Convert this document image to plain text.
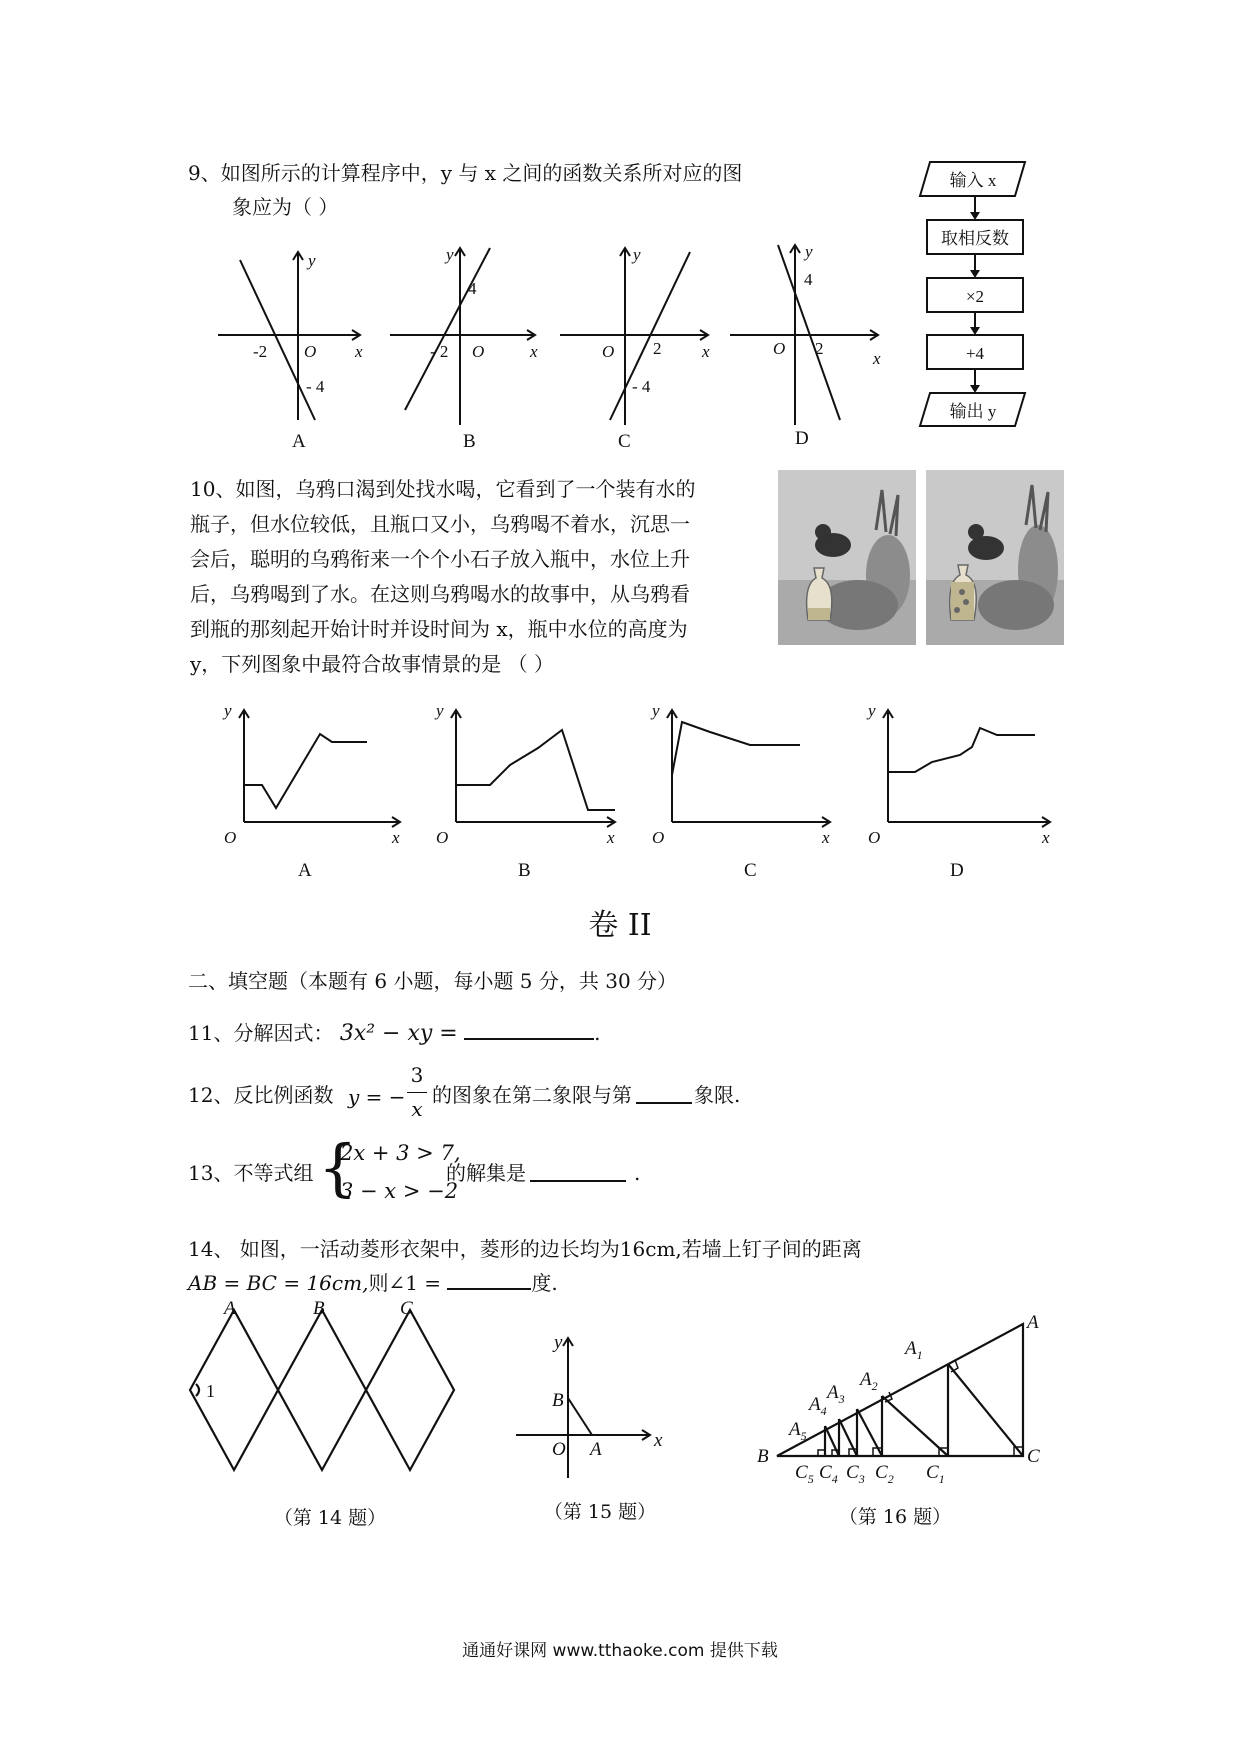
9、如图所示的计算程序中，y 与 x 之间的函数关系所对应的图
象应为（ ）
y
x
O
-2
- 4
y
x
O
- 2
4
y
x
O 2
- 4
y
x
O 2
4
A	B	C	D
输入 x
取相反数
×2
+4
输出 y
10、如图，乌鸦口渴到处找水喝，它看到了一个装有水的
瓶子，但水位较低，且瓶口又小，乌鸦喝不着水，沉思一
会后，聪明的乌鸦衔来一个个小石子放入瓶中，水位上升
后，乌鸦喝到了水。在这则乌鸦喝水的故事中，从乌鸦看
到瓶的那刻起开始计时并设时间为 x，瓶中水位的高度为
y，下列图象中最符合故事情景的是 （ ）
y
O	x
y
O	x
y
O	x
y
O	x
A	B	C	D
卷 II
二、填空题（本题有 6 小题，每小题 5 分，共 30 分）
11、分解因式： 3x² − xy =	.
12、反比例函数 y = −
3
x
的图象在第二象限与第	象限.
13、不等式组 {
2x + 3 > 7,
3 − x > −2
的解集是	.
14、 如图，一活动菱形衣架中，菱形的边长均为16cm,若墙上钉子间的距离
AB = BC = 16cm,则∠1 =	度.
A	B	C
1
（第 14 题）
y
x
B
O A
（第 15 题）
A
B	C
$A_1$
$A_2$
$A_3$
$A_4$
$A_5$
$C_5$ $C_4$ $C_3$ $C_2$ $C_1$
（第 16 题）
通通好课网 www.tthaoke.com 提供下载
